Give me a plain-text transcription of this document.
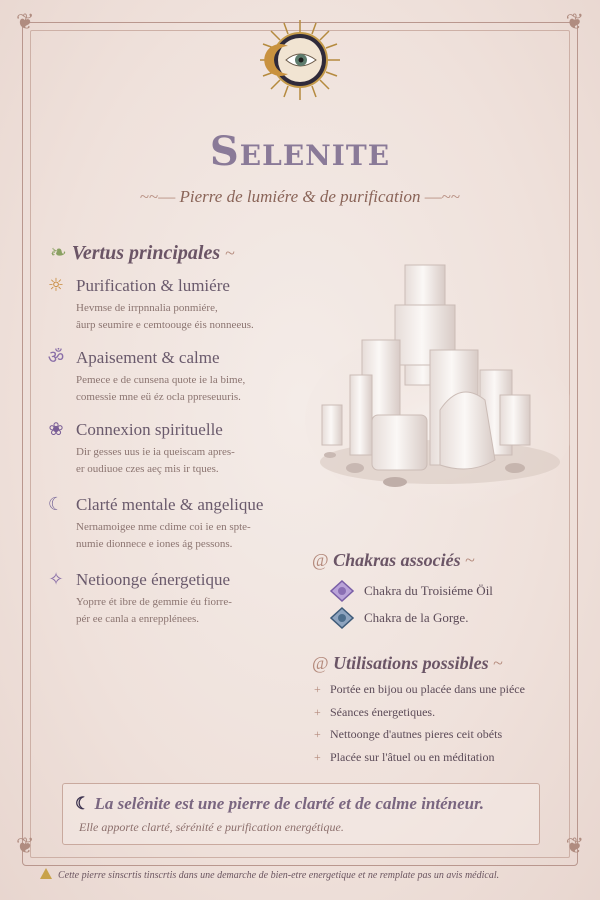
❦	❦
❦	❦
Selenite
~~— Pierre de lumiére & de purification —~~
❧ Vertus principales ~
☼ Purification & lumiére
Hevmse de irrpnnalia ponmiére,
âurp seumire e cemtoouge éis nonneeus.
ॐ Apaisement & calme
Pemece e de cunsena quote ie la bime,
comessie mne eü éz ocla ppreseuuris.
❀ Connexion spirituelle
Dir gesses uus ie ia queiscam apres-
er oudiuoe czes aeç mis ir tques.
☾ Clarté mentale & angelique
Nernamoigee nme cdime coi ie en spte-
numie dionnece e iones ág pessons.
✧ Netioonge énergetique
Yoprre ét ibre de gemmie éu fiorre-
pér ee canla a enrepplénees.
@ Chakras associés ~
Chakra du Troisiéme Öil
Chakra de la Gorge.
@ Utilisations possibles ~
+ Portée en bijou ou placée dans une piéce
+ Séances énergetiques.
+ Nettoonge d'autnes pieres ceit obéts
+ Placée sur l'âtuel ou en méditation
☾ La selênite est une pierre de clarté et de calme inténeur.
Elle apporte clarté, sérénité e purification energétique.
Cette pierre sinscrtis tinscrtis dans une demarche de bien-etre energetique et ne remplate pas un avis médical.
